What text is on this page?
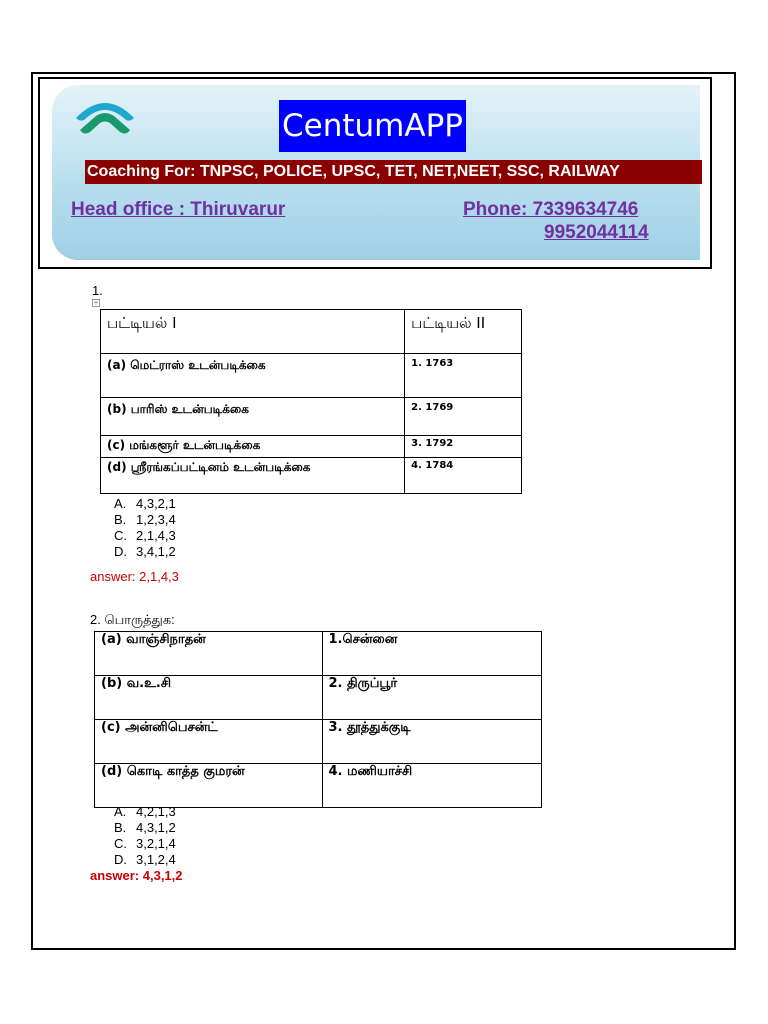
CentumAPP
Coaching For: TNPSC, POLICE, UPSC, TET, NET,NEET, SSC, RAILWAY
Head office : Thiruvarur	Phone: 7339634746
9952044114
1.
+
பட்டியல் I	பட்டியல் II
(a) மெட்ராஸ் உடன்படிக்கை	1. 1763
(b) பாரிஸ் உடன்படிக்கை	2. 1769
(c) மங்களூர் உடன்படிக்கை	3. 1792
(d) ஸ்ரீரங்கப்பட்டினம் உடன்படிக்கை	4. 1784
A. 4,3,2,1
B. 1,2,3,4
C. 2,1,4,3
D. 3,4,1,2
answer: 2,1,4,3
2. பொருத்துக:
(a) வாஞ்சிநாதன்	1.சென்னை
(b) வ.உ.சி	2. திருப்பூர்
(c) அன்னிபெசன்ட்	3. தூத்துக்குடி
(d) கொடி காத்த குமரன்	4. மணியாச்சி
A. 4,2,1,3
B. 4,3,1,2
C. 3,2,1,4
D. 3,1,2,4
answer: 4,3,1,2
